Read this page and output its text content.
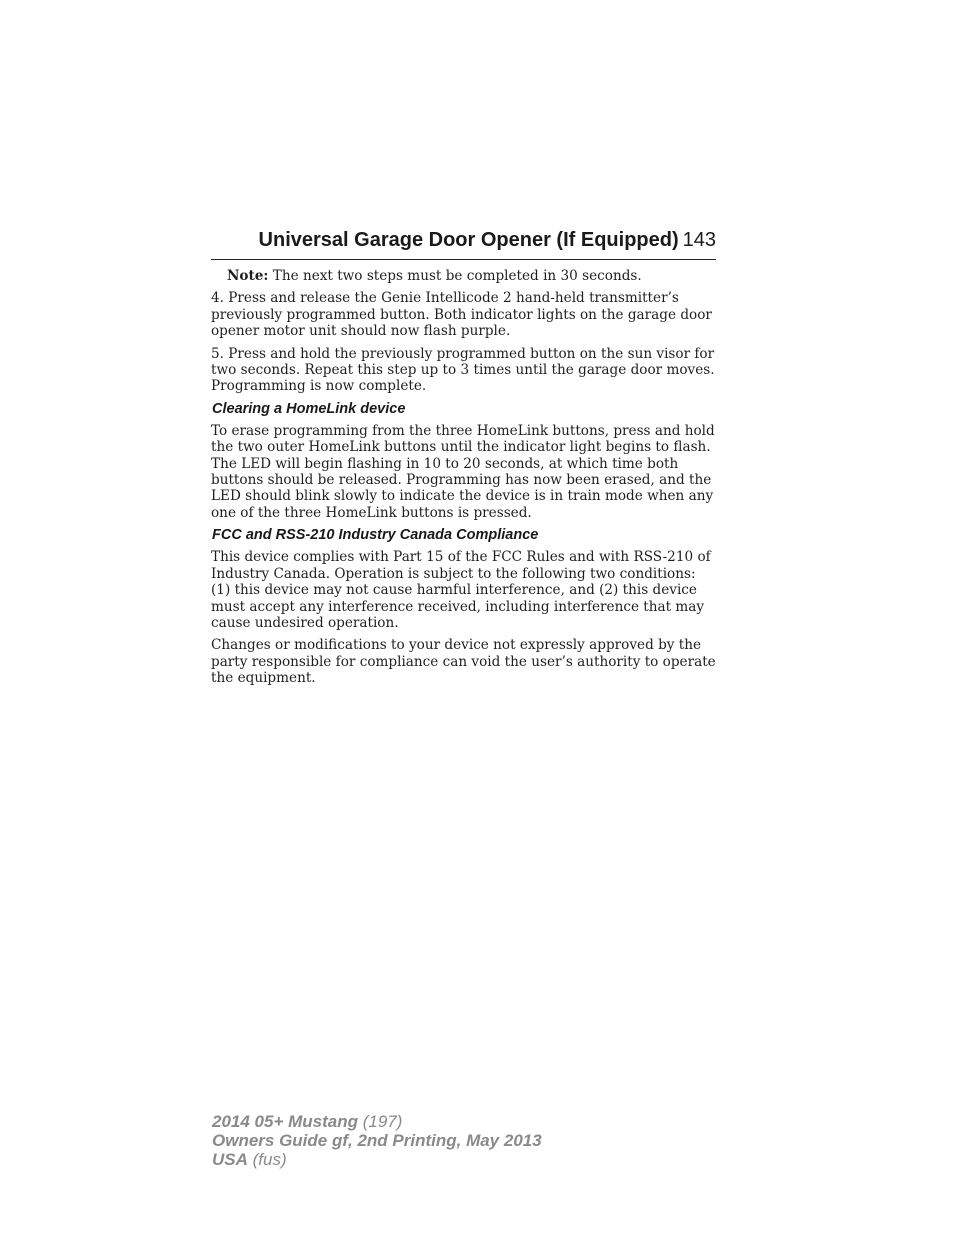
Universal Garage Door Opener (If Equipped) 143

Note: The next two steps must be completed in 30 seconds.

4. Press and release the Genie Intellicode 2 hand-held transmitter’s previously programmed button. Both indicator lights on the garage door opener motor unit should now flash purple.

5. Press and hold the previously programmed button on the sun visor for two seconds. Repeat this step up to 3 times until the garage door moves. Programming is now complete.

Clearing a HomeLink device

To erase programming from the three HomeLink buttons, press and hold the two outer HomeLink buttons until the indicator light begins to flash. The LED will begin flashing in 10 to 20 seconds, at which time both buttons should be released. Programming has now been erased, and the LED should blink slowly to indicate the device is in train mode when any one of the three HomeLink buttons is pressed.

FCC and RSS-210 Industry Canada Compliance

This device complies with Part 15 of the FCC Rules and with RSS-210 of Industry Canada. Operation is subject to the following two conditions: (1) this device may not cause harmful interference, and (2) this device must accept any interference received, including interference that may cause undesired operation.

Changes or modifications to your device not expressly approved by the party responsible for compliance can void the user’s authority to operate the equipment.

2014 05+ Mustang (197)
Owners Guide gf, 2nd Printing, May 2013
USA (fus)
